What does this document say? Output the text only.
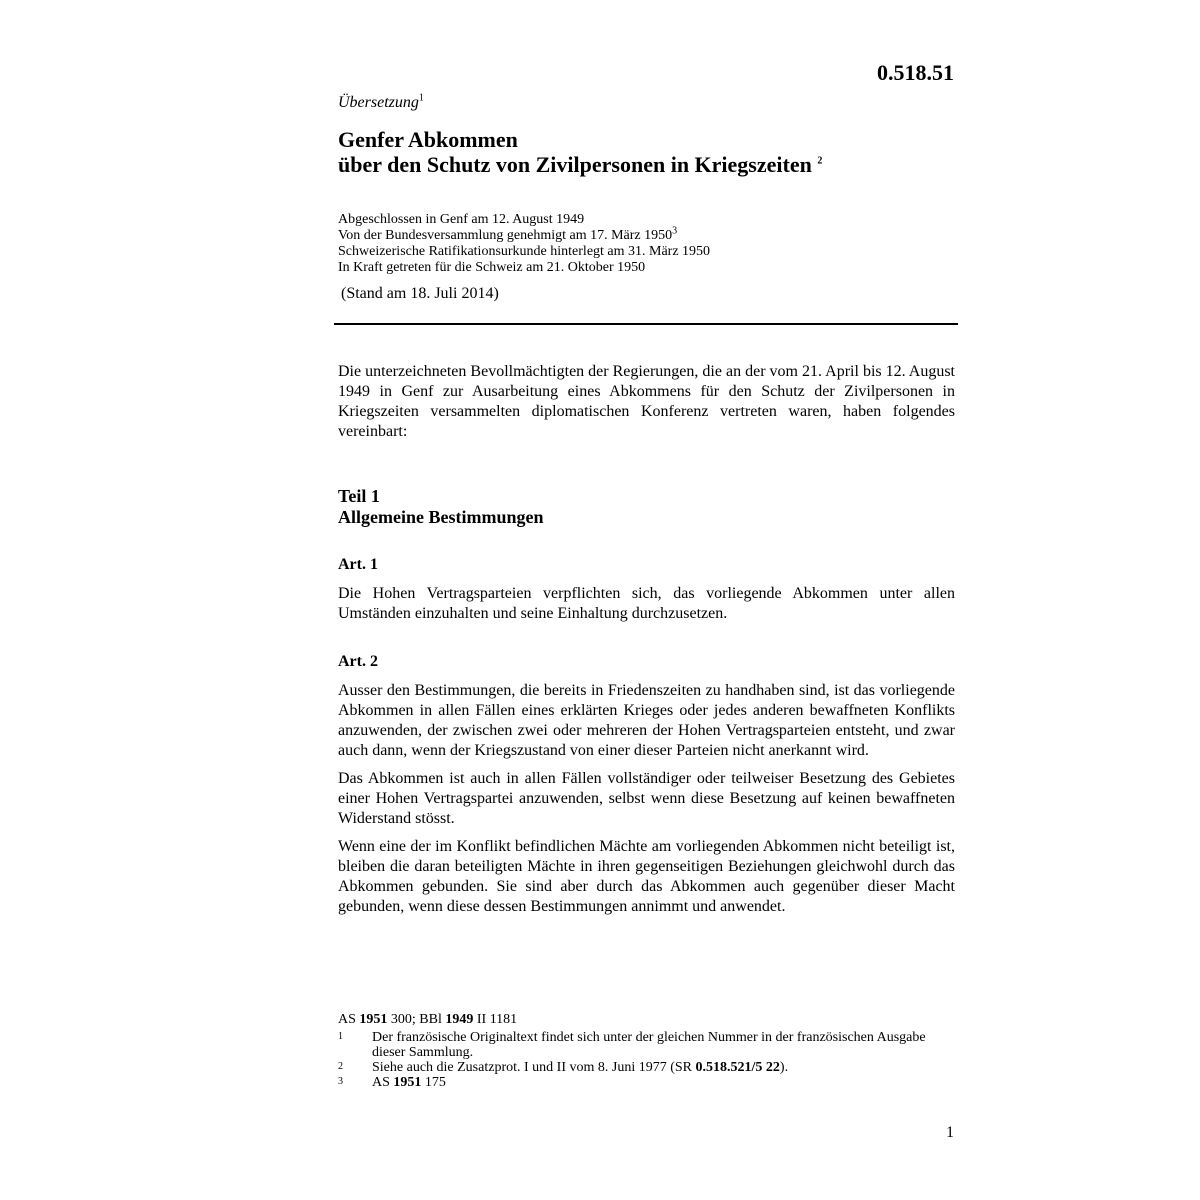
0.518.51
Übersetzung$^1$
Genfer Abkommen
über den Schutz von Zivilpersonen in Kriegszeiten $^2$
Abgeschlossen in Genf am 12. August 1949
Von der Bundesversammlung genehmigt am 17. März 1950$^3$
Schweizerische Ratifikationsurkunde hinterlegt am 31. März 1950
In Kraft getreten für die Schweiz am 21. Oktober 1950
(Stand am 18. Juli 2014)

Die unterzeichneten Bevollmächtigten der Regierungen, die an der vom 21. April bis 12. August 1949 in Genf zur Ausarbeitung eines Abkommens für den Schutz der Zivilpersonen in Kriegszeiten versammelten diplomatischen Konferenz vertreten waren, haben folgendes vereinbart:

Teil 1
Allgemeine Bestimmungen
Art. 1

Die Hohen Vertragsparteien verpflichten sich, das vorliegende Abkommen unter allen Umständen einzuhalten und seine Einhaltung durchzusetzen.

Art. 2

Ausser den Bestimmungen, die bereits in Friedenszeiten zu handhaben sind, ist das vorliegende Abkommen in allen Fällen eines erklärten Krieges oder jedes anderen bewaffneten Konflikts anzuwenden, der zwischen zwei oder mehreren der Hohen Vertragsparteien entsteht, und zwar auch dann, wenn der Kriegszustand von einer dieser Parteien nicht anerkannt wird.

Das Abkommen ist auch in allen Fällen vollständiger oder teilweiser Besetzung des Gebietes einer Hohen Vertragspartei anzuwenden, selbst wenn diese Besetzung auf keinen bewaffneten Widerstand stösst.

Wenn eine der im Konflikt befindlichen Mächte am vorliegenden Abkommen nicht beteiligt ist, bleiben die daran beteiligten Mächte in ihren gegenseitigen Beziehungen gleichwohl durch das Abkommen gebunden. Sie sind aber durch das Abkommen auch gegenüber dieser Macht gebunden, wenn diese dessen Bestimmungen annimmt und anwendet.

AS 1951 300; BBl 1949 II 1181
1	Der französische Originaltext findet sich unter der gleichen Nummer in der französischen Ausgabe dieser Sammlung.
2	Siehe auch die Zusatzprot. I und II vom 8. Juni 1977 (SR 0.518.521/5 22).
3	AS 1951 175
1
